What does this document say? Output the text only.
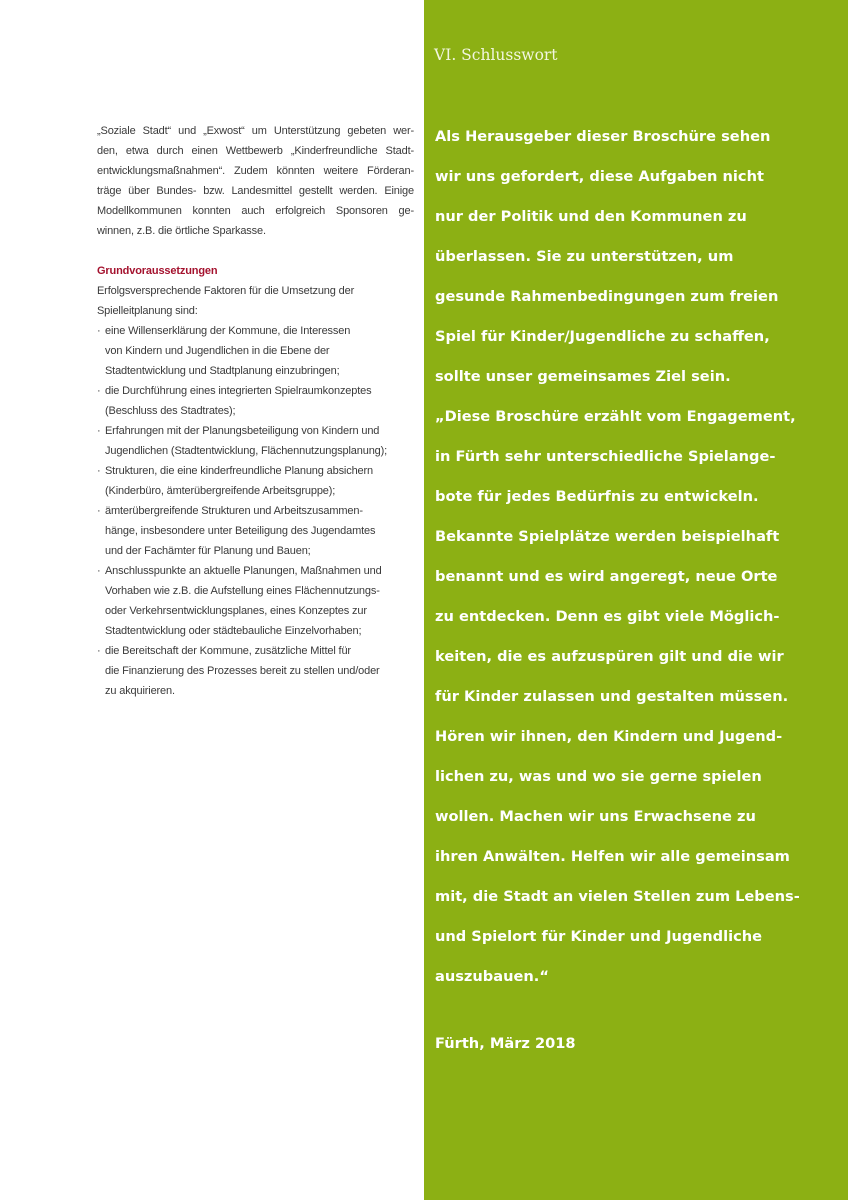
„Soziale Stadt“ und „Exwost“ um Unterstützung gebeten wer-
den, etwa durch einen Wettbewerb „Kinderfreundliche Stadt-
entwicklungsmaßnahmen“. Zudem könnten weitere Förderan-
träge über Bundes- bzw. Landesmittel gestellt werden. Einige
Modellkommunen konnten auch erfolgreich Sponsoren ge-
winnen, z.B. die örtliche Sparkasse.
Grundvoraussetzungen
Erfolgsversprechende Faktoren für die Umsetzung der
Spielleitplanung sind:
· eine Willenserklärung der Kommune, die Interessen
von Kindern und Jugendlichen in die Ebene der
Stadtentwicklung und Stadtplanung einzubringen;
· die Durchführung eines integrierten Spielraumkonzeptes
(Beschluss des Stadtrates);
· Erfahrungen mit der Planungsbeteiligung von Kindern und
Jugendlichen (Stadtentwicklung, Flächennutzungsplanung);
· Strukturen, die eine kinderfreundliche Planung absichern
(Kinderbüro, ämterübergreifende Arbeitsgruppe);
· ämterübergreifende Strukturen und Arbeitszusammen-
hänge, insbesondere unter Beteiligung des Jugendamtes
und der Fachämter für Planung und Bauen;
· Anschlusspunkte an aktuelle Planungen, Maßnahmen und
Vorhaben wie z.B. die Aufstellung eines Flächennutzungs-
oder Verkehrsentwicklungsplanes, eines Konzeptes zur
Stadtentwicklung oder städtebauliche Einzelvorhaben;
· die Bereitschaft der Kommune, zusätzliche Mittel für
die Finanzierung des Prozesses bereit zu stellen und/oder
zu akquirieren.
VI. Schlusswort
Als Herausgeber dieser Broschüre sehen
wir uns gefordert, diese Aufgaben nicht
nur der Politik und den Kommunen zu
überlassen. Sie zu unterstützen, um
gesunde Rahmenbedingungen zum freien
Spiel für Kinder/Jugendliche zu schaffen,
sollte unser gemeinsames Ziel sein.
„Diese Broschüre erzählt vom Engagement,
in Fürth sehr unterschiedliche Spielange-
bote für jedes Bedürfnis zu entwickeln.
Bekannte Spielplätze werden beispielhaft
benannt und es wird angeregt, neue Orte
zu entdecken. Denn es gibt viele Möglich-
keiten, die es aufzuspüren gilt und die wir
für Kinder zulassen und gestalten müssen.
Hören wir ihnen, den Kindern und Jugend-
lichen zu, was und wo sie gerne spielen
wollen. Machen wir uns Erwachsene zu
ihren Anwälten. Helfen wir alle gemeinsam
mit, die Stadt an vielen Stellen zum Lebens-
und Spielort für Kinder und Jugendliche
auszubauen.“
Fürth, März 2018
